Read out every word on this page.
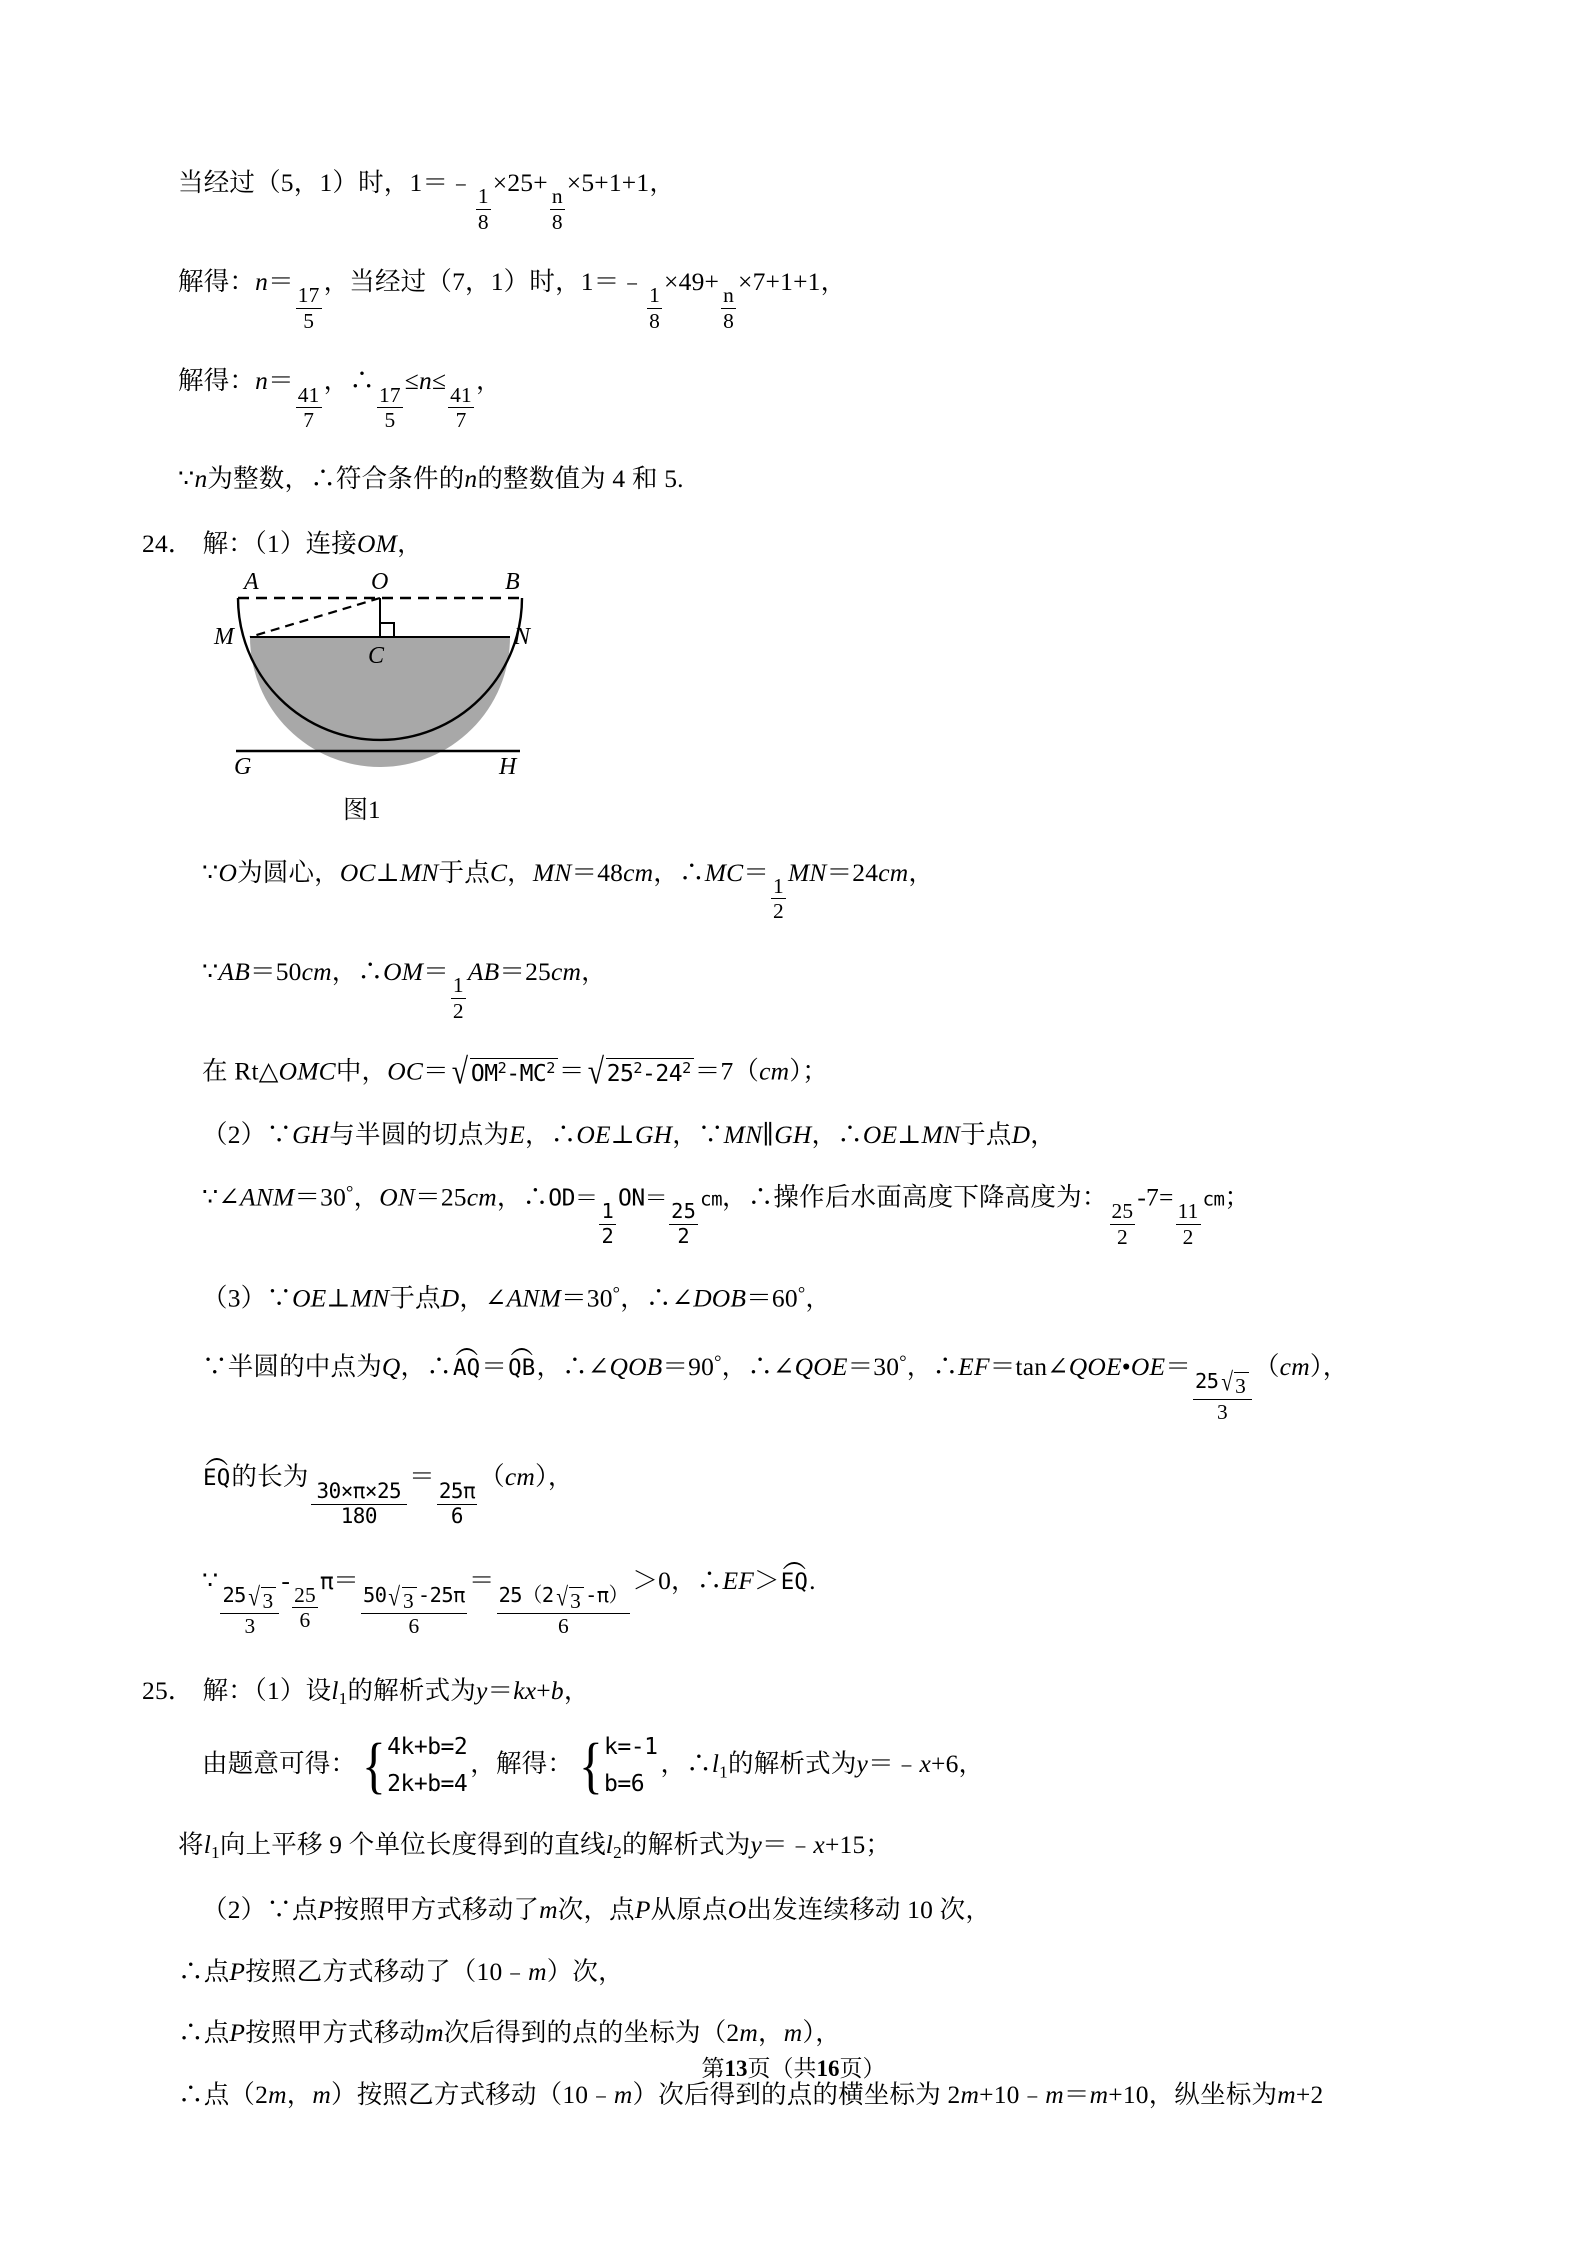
当经过（5，1）时，1＝﹣
$\frac{1}{8}$
×25+
$\frac{n}{8}$
×5+1+1，
解得：n＝
$\frac{17}{5}$
，当经过（7，1）时，1＝﹣
$\frac{1}{8}$
×49+
$\frac{n}{8}$
×7+1+1，
解得：n＝
$\frac{41}{7}$
，∴
$\frac{17}{5}$
≤n≤
$\frac{41}{7}$
，
∵n为整数，∴符合条件的n的整数值为 4 和 5.
24． 解：（1）连接OM，
A	B
O
M	N
C
G	H
图1
∵O为圆心，OC⊥MN于点C，MN＝48cm，∴MC＝
$\frac{1}{2}$
MN＝24cm，
∵AB＝50cm，∴OM＝
$\frac{1}{2}$
AB＝25cm，
在 Rt△OMC中，OC＝ √ $OM^2-MC^2$ ＝ √ $25^2-24^2 =7(cm)$；
（2）∵GH与半圆的切点为E，∴OE⊥GH，∵MN∥GH，∴OE⊥MN于点D，
∵∠ANM＝30°，ON＝25cm，∴OD＝
$\frac{1}{2}$
ON＝
$\frac{25}{2}$
cm，∴操作后水面高度下降高度为：
$\frac{25}{2}$
-7=
$\frac{11}{2}$
cm；
（3）∵OE⊥MN于点D，∠ANM＝30°，∴∠DOB＝60°，
∵半圆的中点为Q，∴
AQ＝
QB，∴∠QOB＝90°，∴∠QOE＝30°，∴EF＝tan∠QOE•OE＝
$\frac{25 √ 3}{3}$
（cm），
EQ的长为
$\frac{30\times\pi\times 25}{180}$
＝
$\frac{25\pi}{6}$
（cm），
∵
$\frac{25 √ 3}{3}$
-
$\frac{25}{6}$
π＝
$\frac{50 √ 3 -25\pi}{6}$
＝
$\frac{25(2 √ 3 -\pi)}{6}$
＞0，∴EF＞
EQ.
25． 解：（1）设$l_1$的解析式为y＝kx+b，
由题意可得： { 4k+b=2
2k+b=4
，解得： { k=-1
b=6
，$\therefore l_1$的解析式为y＝﹣x+6，
将$l_1$向上平移 9 个单位长度得到的直线$l_2$的解析式为y＝﹣x+15；
（2）∵点P按照甲方式移动了m次，点P从原点O出发连续移动 10 次，
∴点P按照乙方式移动了（10﹣m）次，
∴点P按照甲方式移动m次后得到的点的坐标为（2m，m），
∴点（2m，m）按照乙方式移动（10﹣m）次后得到的点的横坐标为 2m+10﹣m＝m+10，纵坐标为m+2
第13页（共16页）
